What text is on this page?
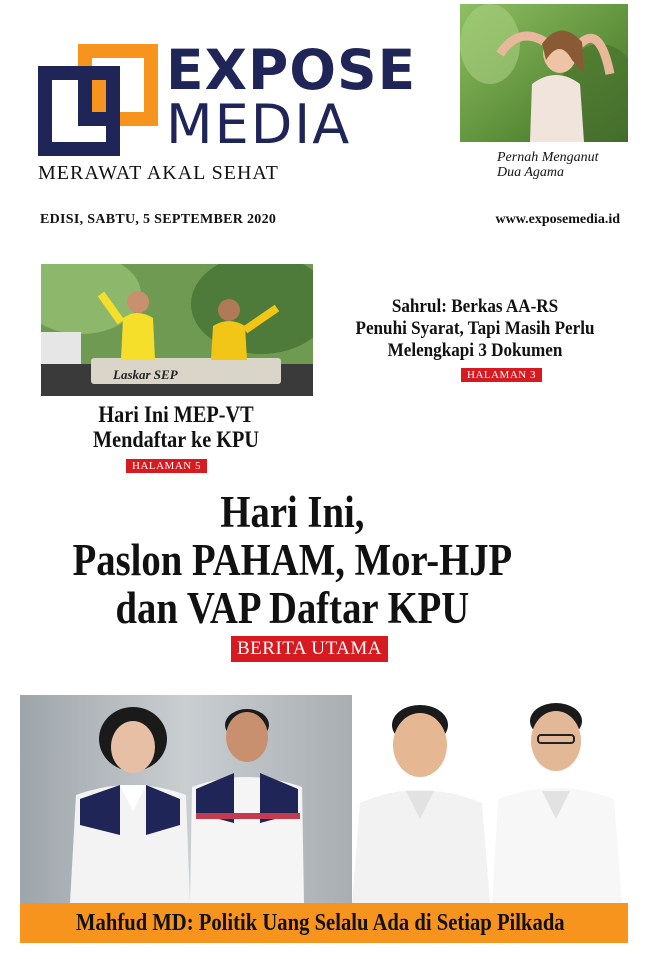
EXPOSE
MEDIA
MERAWAT AKAL SEHAT
Pernah Menganut
Dua Agama
EDISI, SABTU, 5 SEPTEMBER 2020	www.exposemedia.id
Laskar SEP
Hari Ini MEP-VT
Mendaftar ke KPU
HALAMAN 5
Sahrul: Berkas AA-RS
Penuhi Syarat, Tapi Masih Perlu
Melengkapi 3 Dokumen
HALAMAN 3
Hari Ini,
Paslon PAHAM, Mor-HJP
dan VAP Daftar KPU
BERITA UTAMA
Mahfud MD: Politik Uang Selalu Ada di Setiap Pilkada
